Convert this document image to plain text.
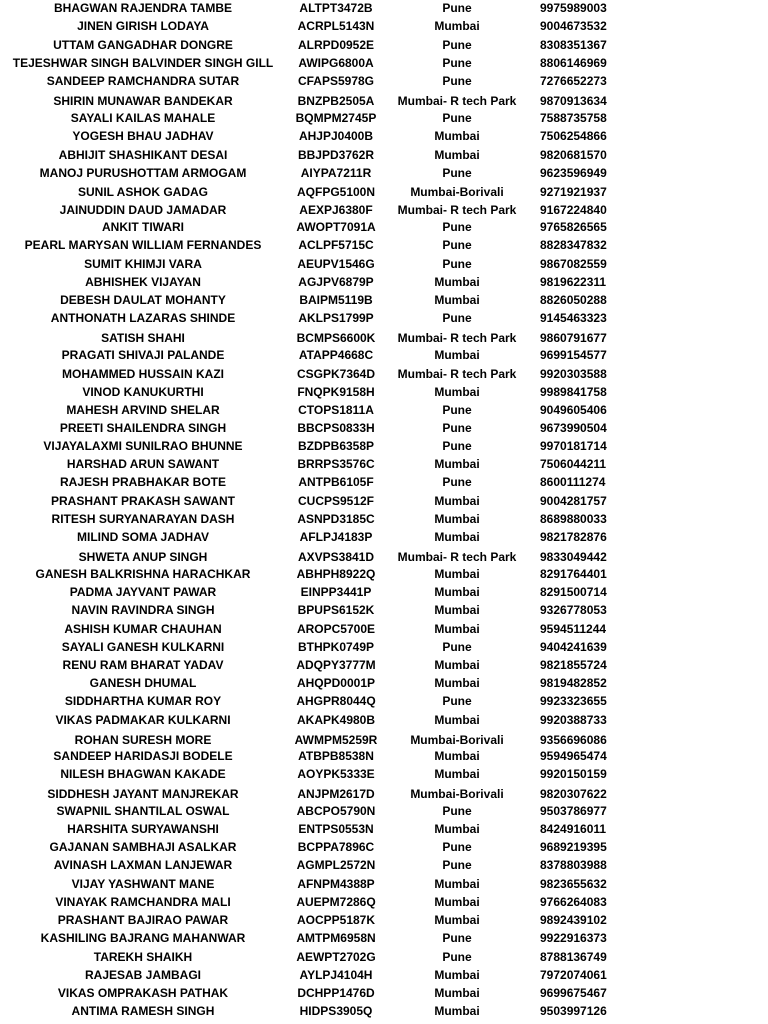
BHAGWAN RAJENDRA TAMBE	ALTPT3472B	Pune	9975989003
JINEN GIRISH LODAYA	ACRPL5143N	Mumbai	9004673532
UTTAM GANGADHAR DONGRE	ALRPD0952E	Pune	8308351367
TEJESHWAR SINGH BALVINDER SINGH GILL	AWIPG6800A	Pune	8806146969
SANDEEP RAMCHANDRA SUTAR	CFAPS5978G	Pune	7276652273
SHIRIN MUNAWAR BANDEKAR	BNZPB2505A	Mumbai- R tech Park	9870913634
SAYALI KAILAS MAHALE	BQMPM2745P	Pune	7588735758
YOGESH BHAU JADHAV	AHJPJ0400B	Mumbai	7506254866
ABHIJIT SHASHIKANT DESAI	BBJPD3762R	Mumbai	9820681570
MANOJ PURUSHOTTAM ARMOGAM	AIYPA7211R	Pune	9623596949
SUNIL ASHOK GADAG	AQFPG5100N	Mumbai-Borivali	9271921937
JAINUDDIN DAUD JAMADAR	AEXPJ6380F	Mumbai- R tech Park	9167224840
ANKIT TIWARI	AWOPT7091A	Pune	9765826565
PEARL MARYSAN WILLIAM FERNANDES	ACLPF5715C	Pune	8828347832
SUMIT KHIMJI VARA	AEUPV1546G	Pune	9867082559
ABHISHEK VIJAYAN	AGJPV6879P	Mumbai	9819622311
DEBESH DAULAT MOHANTY	BAIPM5119B	Mumbai	8826050288
ANTHONATH LAZARAS SHINDE	AKLPS1799P	Pune	9145463323
SATISH SHAHI	BCMPS6600K	Mumbai- R tech Park	9860791677
PRAGATI SHIVAJI PALANDE	ATAPP4668C	Mumbai	9699154577
MOHAMMED HUSSAIN KAZI	CSGPK7364D	Mumbai- R tech Park	9920303588
VINOD KANUKURTHI	FNQPK9158H	Mumbai	9989841758
MAHESH ARVIND SHELAR	CTOPS1811A	Pune	9049605406
PREETI SHAILENDRA SINGH	BBCPS0833H	Pune	9673990504
VIJAYALAXMI SUNILRAO BHUNNE	BZDPB6358P	Pune	9970181714
HARSHAD ARUN SAWANT	BRRPS3576C	Mumbai	7506044211
RAJESH PRABHAKAR BOTE	ANTPB6105F	Pune	8600111274
PRASHANT PRAKASH SAWANT	CUCPS9512F	Mumbai	9004281757
RITESH SURYANARAYAN DASH	ASNPD3185C	Mumbai	8689880033
MILIND SOMA JADHAV	AFLPJ4183P	Mumbai	9821782876
SHWETA ANUP SINGH	AXVPS3841D	Mumbai- R tech Park	9833049442
GANESH BALKRISHNA HARACHKAR	ABHPH8922Q	Mumbai	8291764401
PADMA JAYVANT PAWAR	EINPP3441P	Mumbai	8291500714
NAVIN RAVINDRA SINGH	BPUPS6152K	Mumbai	9326778053
ASHISH KUMAR CHAUHAN	AROPC5700E	Mumbai	9594511244
SAYALI GANESH KULKARNI	BTHPK0749P	Pune	9404241639
RENU RAM BHARAT YADAV	ADQPY3777M	Mumbai	9821855724
GANESH DHUMAL	AHQPD0001P	Mumbai	9819482852
SIDDHARTHA KUMAR ROY	AHGPR8044Q	Pune	9923323655
VIKAS PADMAKAR KULKARNI	AKAPK4980B	Mumbai	9920388733
ROHAN SURESH MORE	AWMPM5259R	Mumbai-Borivali	9356696086
SANDEEP HARIDASJI BODELE	ATBPB8538N	Mumbai	9594965474
NILESH BHAGWAN KAKADE	AOYPK5333E	Mumbai	9920150159
SIDDHESH JAYANT MANJREKAR	ANJPM2617D	Mumbai-Borivali	9820307622
SWAPNIL SHANTILAL OSWAL	ABCPO5790N	Pune	9503786977
HARSHITA SURYAWANSHI	ENTPS0553N	Mumbai	8424916011
GAJANAN SAMBHAJI ASALKAR	BCPPA7896C	Pune	9689219395
AVINASH LAXMAN LANJEWAR	AGMPL2572N	Pune	8378803988
VIJAY YASHWANT MANE	AFNPM4388P	Mumbai	9823655632
VINAYAK RAMCHANDRA MALI	AUEPM7286Q	Mumbai	9766264083
PRASHANT BAJIRAO PAWAR	AOCPP5187K	Mumbai	9892439102
KASHILING BAJRANG MAHANWAR	AMTPM6958N	Pune	9922916373
TAREKH SHAIKH	AEWPT2702G	Pune	8788136749
RAJESAB JAMBAGI	AYLPJ4104H	Mumbai	7972074061
VIKAS OMPRAKASH PATHAK	DCHPP1476D	Mumbai	9699675467
ANTIMA RAMESH SINGH	HIDPS3905Q	Mumbai	9503997126
